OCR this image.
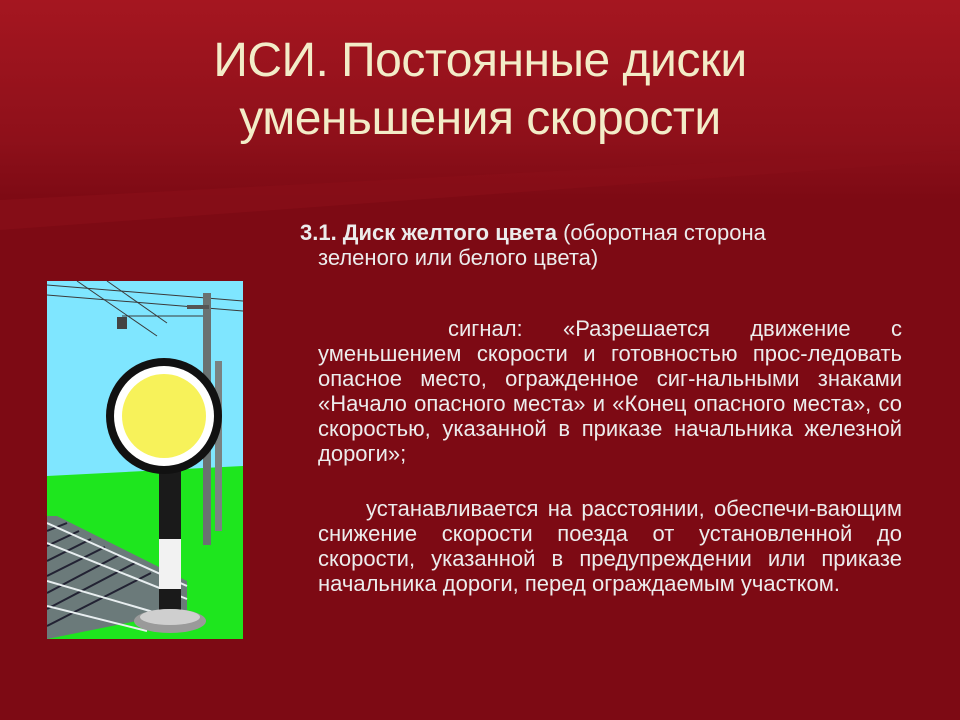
ИСИ. Постоянные диски
уменьшения скорости

3.1. Диск желтого цвета (оборотная сторона
зеленого или белого цвета)

сигнал: «Разрешается движение с уменьшением скорости и готовностью прос-ледовать опасное место, огражденное сиг-нальными знаками «Начало опасного места» и «Конец опасного места», со скоростью, указанной в приказе начальника железной дороги»;

устанавливается на расстоянии, обеспечи-вающим снижение скорости поезда от установленной до скорости, указанной в предупреждении или приказе начальника дороги, перед ограждаемым участком.
